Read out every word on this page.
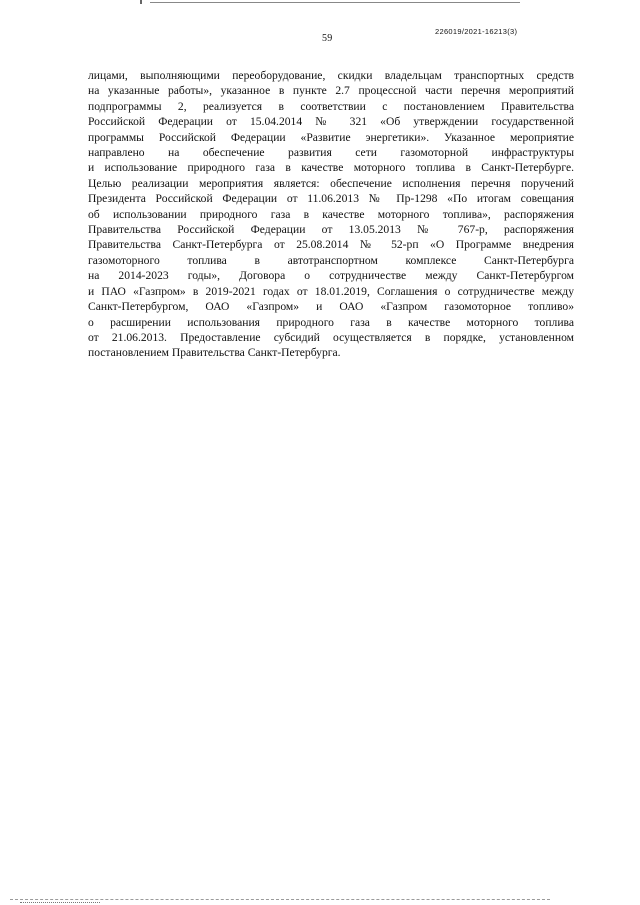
59
226019/2021-16213(3)
лицами, выполняющими переоборудование, скидки владельцам транспортных средств
на указанные работы», указанное в пункте 2.7 процессной части перечня мероприятий
подпрограммы 2, реализуется в соответствии с постановлением Правительства
Российской Федерации от 15.04.2014 № 321 «Об утверждении государственной
программы Российской Федерации «Развитие энергетики». Указанное мероприятие
направлено на обеспечение развития сети газомоторной инфраструктуры
и использование природного газа в качестве моторного топлива в Санкт-Петербурге.
Целью реализации мероприятия является: обеспечение исполнения перечня поручений
Президента Российской Федерации от 11.06.2013 № Пр-1298 «По итогам совещания
об использовании природного газа в качестве моторного топлива», распоряжения
Правительства Российской Федерации от 13.05.2013 № 767-р, распоряжения
Правительства Санкт-Петербурга от 25.08.2014 № 52-рп «О Программе внедрения
газомоторного топлива в автотранспортном комплексе Санкт-Петербурга
на 2014-2023 годы», Договора о сотрудничестве между Санкт-Петербургом
и ПАО «Газпром» в 2019-2021 годах от 18.01.2019, Соглашения о сотрудничестве между
Санкт-Петербургом, ОАО «Газпром» и ОАО «Газпром газомоторное топливо»
о расширении использования природного газа в качестве моторного топлива
от 21.06.2013. Предоставление субсидий осуществляется в порядке, установленном
постановлением Правительства Санкт-Петербурга.
